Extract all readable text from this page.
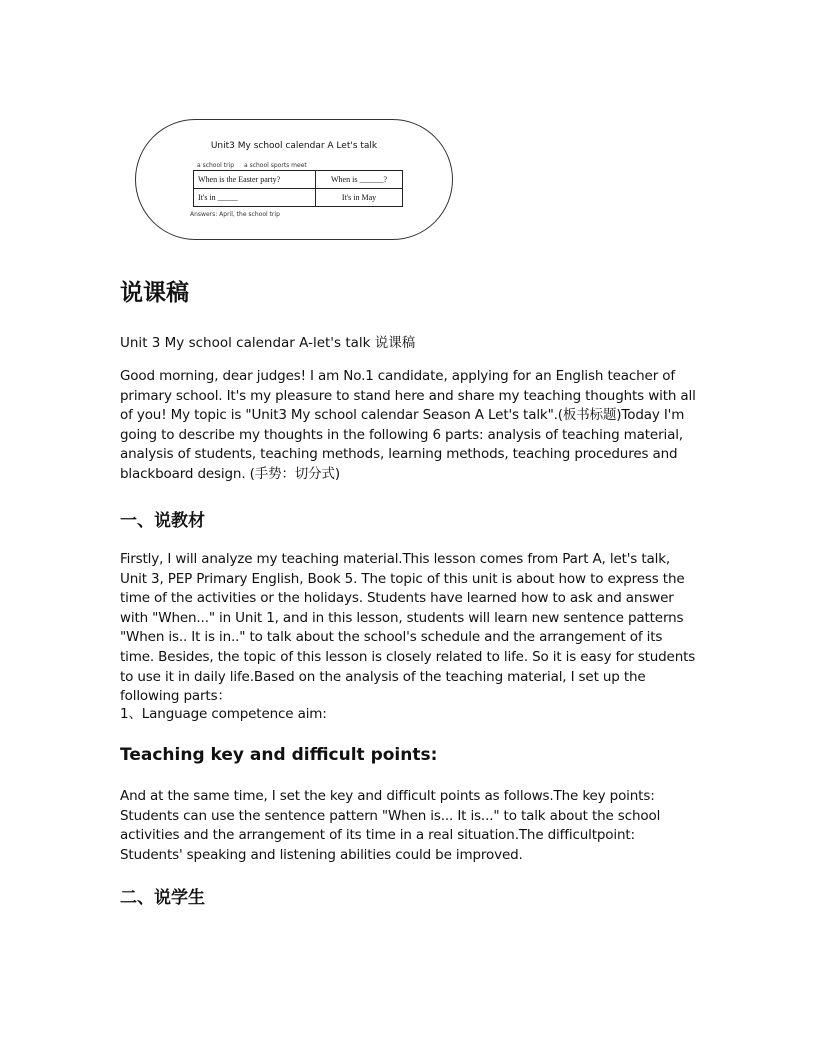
Unit3 My school calendar A Let's talk
a school trip a school sports meet
When is the Easter party?	When is ______?
It's in _____	It's in May
Answers: April, the school trip
说课稿

Unit 3 My school calendar A-let's talk 说课稿

Good morning, dear judges! I am No.1 candidate, applying for an English teacher of primary school. It's my pleasure to stand here and share my teaching thoughts with all of you! My topic is "Unit3 My school calendar Season A Let's talk".(板书标题)Today I'm going to describe my thoughts in the following 6 parts: analysis of teaching material, analysis of students, teaching methods, learning methods, teaching procedures and blackboard design. (手势：切分式)

一、说教材

Firstly, I will analyze my teaching material.This lesson comes from Part A, let's talk, Unit 3, PEP Primary English, Book 5. The topic of this unit is about how to express the time of the activities or the holidays. Students have learned how to ask and answer with "When..." in Unit 1, and in this lesson, students will learn new sentence patterns "When is.. It is in.." to talk about the school's schedule and the arrangement of its time. Besides, the topic of this lesson is closely related to life. So it is easy for students to use it in daily life.Based on the analysis of the teaching material, I set up the following parts：

1、Language competence aim:

Teaching key and difficult points:

And at the same time, I set the key and difficult points as follows.The key points: Students can use the sentence pattern "When is... It is..." to talk about the school activities and the arrangement of its time in a real situation.The difficultpoint: Students' speaking and listening abilities could be improved.

二、说学生
